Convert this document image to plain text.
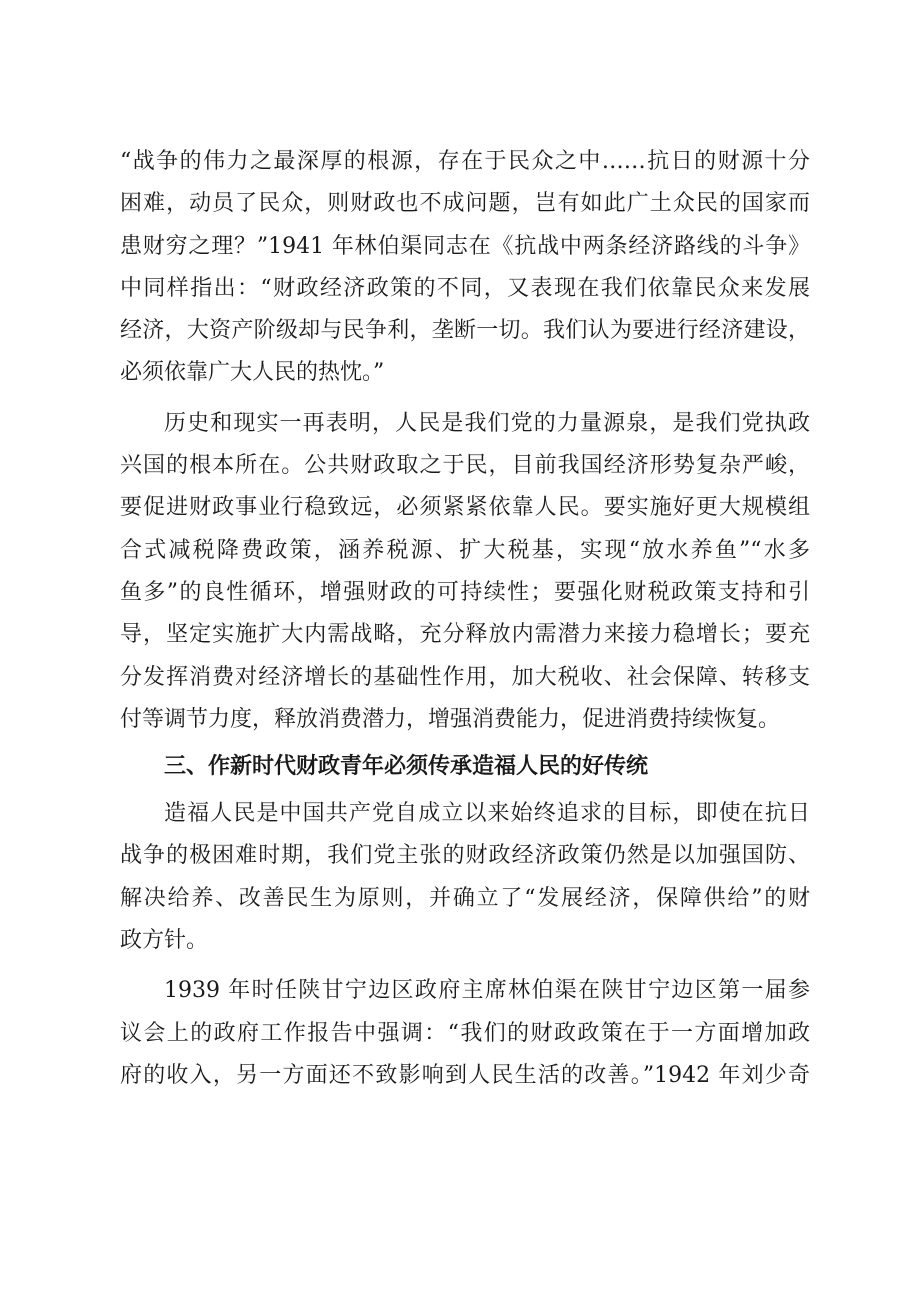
“战争的伟力之最深厚的根源，存在于民众之中……抗日的财源十分
困难，动员了民众，则财政也不成问题，岂有如此广土众民的国家而
患财穷之理？”1941 年林伯渠同志在《抗战中两条经济路线的斗争》
中同样指出：“财政经济政策的不同，又表现在我们依靠民众来发展
经济，大资产阶级却与民争利，垄断一切。我们认为要进行经济建设，
必须依靠广大人民的热忱。”
历史和现实一再表明，人民是我们党的力量源泉，是我们党执政
兴国的根本所在。公共财政取之于民，目前我国经济形势复杂严峻，
要促进财政事业行稳致远，必须紧紧依靠人民。要实施好更大规模组
合式减税降费政策，涵养税源、扩大税基，实现“放水养鱼”“水多
鱼多”的良性循环，增强财政的可持续性；要强化财税政策支持和引
导，坚定实施扩大内需战略，充分释放内需潜力来接力稳增长；要充
分发挥消费对经济增长的基础性作用，加大税收、社会保障、转移支
付等调节力度，释放消费潜力，增强消费能力，促进消费持续恢复。
三、作新时代财政青年必须传承造福人民的好传统
造福人民是中国共产党自成立以来始终追求的目标，即使在抗日
战争的极困难时期，我们党主张的财政经济政策仍然是以加强国防、
解决给养、改善民生为原则，并确立了“发展经济，保障供给”的财
政方针。
1939 年时任陕甘宁边区政府主席林伯渠在陕甘宁边区第一届参
议会上的政府工作报告中强调：“我们的财政政策在于一方面增加政
府的收入，另一方面还不致影响到人民生活的改善。”1942 年刘少奇
